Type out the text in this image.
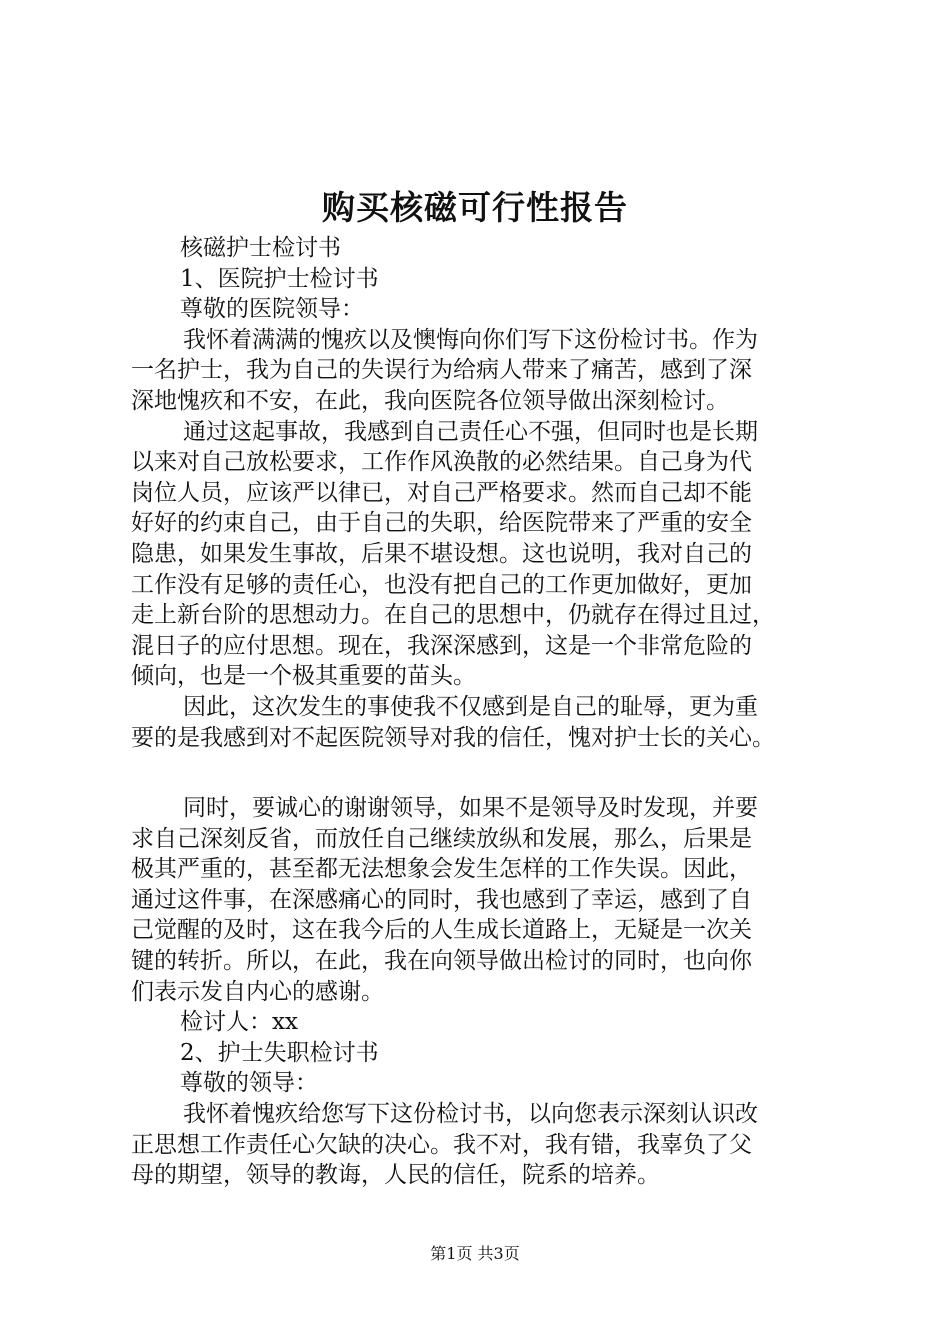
购买核磁可行性报告
核磁护士检讨书
1、医院护士检讨书
尊敬的医院领导：
我怀着满满的愧疚以及懊悔向你们写下这份检讨书。作为
一名护士，我为自己的失误行为给病人带来了痛苦，感到了深
深地愧疚和不安，在此，我向医院各位领导做出深刻检讨。
通过这起事故，我感到自己责任心不强，但同时也是长期
以来对自己放松要求，工作作风涣散的必然结果。自己身为代
岗位人员，应该严以律已，对自己严格要求。然而自己却不能
好好的约束自己，由于自己的失职，给医院带来了严重的安全
隐患，如果发生事故，后果不堪设想。这也说明，我对自己的
工作没有足够的责任心，也没有把自己的工作更加做好，更加
走上新台阶的思想动力。在自己的思想中，仍就存在得过且过，
混日子的应付思想。现在，我深深感到，这是一个非常危险的
倾向，也是一个极其重要的苗头。
因此，这次发生的事使我不仅感到是自己的耻辱，更为重
要的是我感到对不起医院领导对我的信任，愧对护士长的关心。
同时，要诚心的谢谢领导，如果不是领导及时发现，并要
求自己深刻反省，而放任自己继续放纵和发展，那么，后果是
极其严重的，甚至都无法想象会发生怎样的工作失误。因此，
通过这件事，在深感痛心的同时，我也感到了幸运，感到了自
己觉醒的及时，这在我今后的人生成长道路上，无疑是一次关
键的转折。所以，在此，我在向领导做出检讨的同时，也向你
们表示发自内心的感谢。
检讨人：xx
2、护士失职检讨书
尊敬的领导：
我怀着愧疚给您写下这份检讨书，以向您表示深刻认识改
正思想工作责任心欠缺的决心。我不对，我有错，我辜负了父
母的期望，领导的教诲，人民的信任，院系的培养。
第1页 共3页
